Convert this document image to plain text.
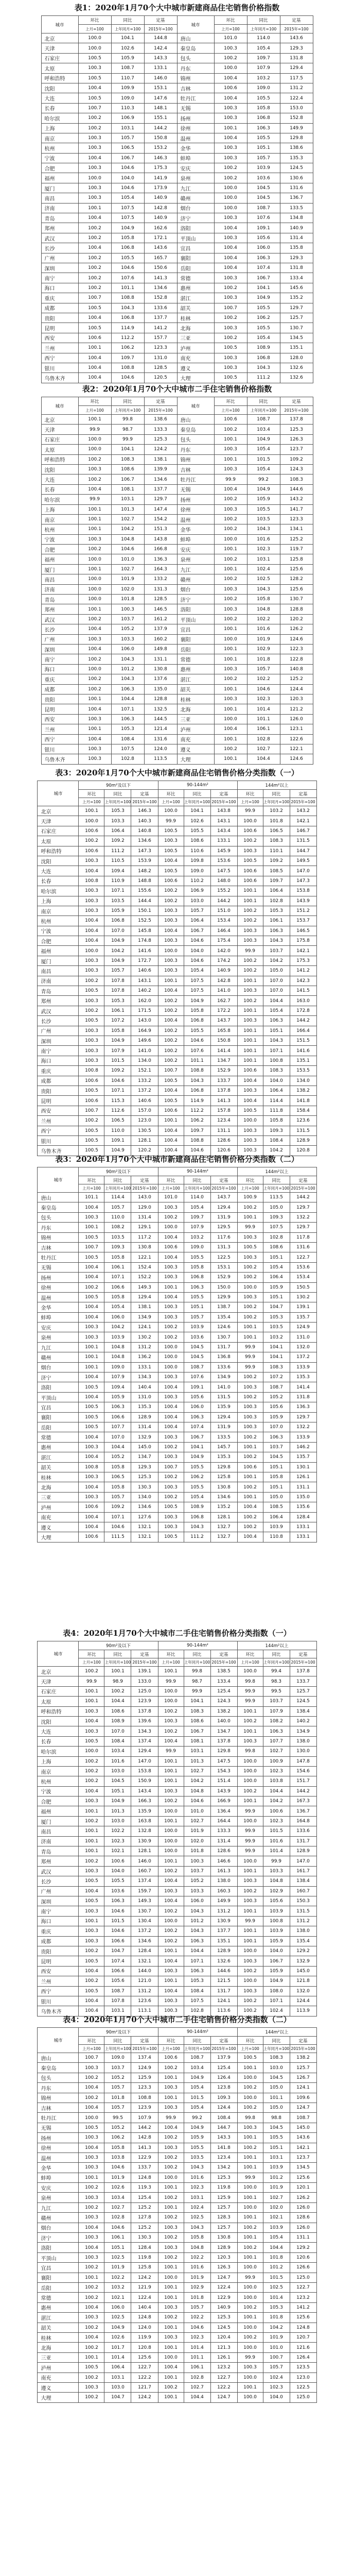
表1：2020年1月70个大中城市新建商品住宅销售价格指数
城市	环比	同比	定基	城市	环比	同比	定基
	上月=100	上年同月=100	2015年=100		上月=100	上年同月=100	2015年=100
北京	100.0	104.1	144.8	唐山	101.0	114.0	143.6
天津	100.0	102.6	142.4	秦皇岛	100.3	105.4	129.3
石家庄	100.5	105.9	143.3	包头	100.2	109.7	131.8
太原	100.3	108.7	133.1	丹东	100.0	107.9	129.4
呼和浩特	100.5	110.7	146.0	锦州	100.4	103.2	117.5
沈阳	100.4	109.9	153.1	吉林	100.6	109.0	131.2
大连	100.5	109.0	147.6	牡丹江	100.4	105.5	122.4
长春	100.7	110.3	148.1	无锡	100.3	105.8	153.0
哈尔滨	100.2	106.9	155.1	扬州	100.3	106.8	152.8
上海	100.2	103.1	144.2	徐州	100.1	106.3	149.9
南京	100.3	105.7	150.8	温州	100.4	105.5	129.8
杭州	100.3	106.5	153.2	金华	100.3	105.1	138.6
宁波	100.4	106.7	146.3	蚌埠	100.3	105.7	135.3
合肥	100.3	104.6	175.3	安庆	100.2	103.9	124.5
福州	100.0	104.0	141.9	泉州	100.2	103.6	130.6
厦门	100.3	104.6	173.9	九江	100.0	104.5	131.6
南昌	100.3	105.4	140.9	赣州	100.0	104.5	136.7
济南	100.1	107.5	142.8	烟台	100.0	108.7	133.5
青岛	100.4	107.5	140.9	济宁	100.3	107.6	134.8
郑州	100.2	104.9	162.6	洛阳	100.4	109.1	140.9
武汉	100.2	105.8	172.1	平顶山	100.3	105.6	131.4
长沙	100.4	106.8	143.6	宜昌	100.4	106.0	135.8
广州	100.2	105.5	165.7	襄阳	100.4	106.3	129.3
深圳	100.2	104.6	150.6	岳阳	100.4	107.4	131.8
南宁	100.2	107.6	141.3	常德	100.3	106.7	133.4
海口	100.2	101.1	134.6	惠州	100.2	104.1	145.6
重庆	100.7	108.8	152.8	湛江	100.3	104.9	135.2
成都	100.5	104.3	133.6	韶关	100.7	105.5	129.7
贵阳	100.4	106.8	137.7	桂林	100.2	106.2	125.7
昆明	100.5	114.9	141.2	北海	100.3	105.5	130.7
西安	100.6	112.2	157.7	三亚	100.2	105.4	134.5
兰州	100.1	106.2	123.3	泸州	100.5	108.9	135.1
西宁	100.4	109.7	131.0	南充	100.3	106.8	128.0
银川	100.4	108.8	128.5	遵义	100.3	104.3	132.6
乌鲁木齐	100.4	104.6	120.5	大理	100.5	111.2	132.6
表2：2020年1月70个大中城市二手住宅销售价格指数
城市	环比	同比	定基	城市	环比	同比	定基
	上月=100	上年同月=100	2015年=100		上月=100	上年同月=100	2015年=100
北京	100.1	99.8	138.6	唐山	100.6	108.7	137.8
天津	99.9	98.7	133.3	秦皇岛	100.2	103.4	125.3
石家庄	100.0	99.9	125.3	包头	100.1	104.9	126.3
太原	100.0	104.1	124.2	丹东	100.3	105.4	123.7
呼和浩特	100.2	108.3	138.1	锦州	100.1	101.5	109.2
沈阳	100.3	108.6	139.9	吉林	100.3	105.4	124.3
大连	100.2	106.7	134.6	牡丹江	99.9	99.2	108.3
长春	100.4	108.1	137.7	无锡	100.4	104.9	144.6
哈尔滨	99.9	103.1	129.7	扬州	100.2	105.9	143.2
上海	100.1	101.3	147.4	徐州	100.3	105.5	141.7
南京	100.1	102.7	154.2	温州	100.2	103.5	123.3
杭州	100.1	104.2	151.3	金华	100.2	104.3	134.1
宁波	100.3	104.8	143.8	蚌埠	100.0	101.6	125.2
合肥	100.2	104.6	166.8	安庆	100.1	102.3	119.7
福州	100.0	101.0	136.3	泉州	100.2	103.1	125.8
厦门	100.1	102.7	164.3	九江	100.1	102.4	125.6
南昌	100.0	101.9	133.2	赣州	100.2	102.5	128.2
济南	100.0	102.0	131.3	烟台	100.3	104.3	125.6
青岛	100.0	101.8	128.5	济宁	100.2	105.8	130.7
郑州	100.1	100.3	146.5	洛阳	100.3	104.8	128.8
武汉	100.2	103.7	161.2	平顶山	100.2	102.2	120.2
长沙	100.4	105.2	137.9	宜昌	100.1	101.6	126.2
广州	100.3	103.3	160.2	襄阳	100.0	101.9	124.6
深圳	100.4	106.0	149.8	岳阳	100.1	102.9	122.3
南宁	100.2	104.3	131.1	常德	100.1	101.8	122.8
海口	100.0	101.2	130.8	惠州	100.3	105.7	140.8
重庆	100.2	104.3	137.6	湛江	100.2	102.2	125.2
成都	100.2	106.3	135.0	韶关	100.1	104.6	124.4
贵阳	100.1	104.4	128.8	桂林	100.3	102.3	120.3
昆明	100.4	107.1	132.5	北海	100.1	101.4	121.2
西安	100.3	106.3	144.5	三亚	100.0	101.1	126.0
兰州	100.1	105.3	121.4	泸州	100.4	106.1	123.1
西宁	100.4	108.4	131.6	南充	100.1	102.8	122.6
银川	100.3	107.5	124.0	遵义	100.2	102.7	122.1
乌鲁木齐	100.3	102.8	113.5	大理	100.1	104.4	124.6
表3：2020年1月70个大中城市新建商品住宅销售价格分类指数（一）
城市	90m²及以下			90-144m²			144m²以上		
	环比	同比	定基	环比	同比	定基	环比	同比	定基
	上月=100	上年同月=100	2015年=100	上月=100	上年同月=100	2015年=100	上月=100	上年同月=100	2015年=100
北京	100.1	105.3	146.3	100.0	104.1	143.8	99.9	103.2	143.2
天津	100.0	103.3	140.3	99.9	102.6	143.1	100.0	101.8	142.1
石家庄	100.6	106.4	140.8	100.5	105.5	143.4	100.6	106.5	146.7
太原	100.2	109.2	134.6	100.3	108.6	133.1	100.2	108.3	131.5
呼和浩特	100.6	111.2	147.3	100.5	110.6	145.9	100.3	110.1	144.7
沈阳	100.3	110.5	153.9	100.4	109.8	153.6	100.5	109.2	149.5
大连	100.4	109.4	148.2	100.5	109.0	147.5	100.6	108.5	147.0
长春	100.8	110.9	148.8	100.6	110.2	148.0	100.6	109.7	147.3
哈尔滨	100.3	107.1	155.6	100.2	106.9	155.2	100.1	106.4	153.8
上海	100.3	103.5	144.4	100.2	103.0	144.2	100.1	102.8	143.9
南京	100.3	105.9	150.1	100.3	105.7	151.0	100.2	105.3	151.2
杭州	100.4	106.8	152.5	100.3	106.4	153.4	100.2	106.1	153.7
宁波	100.4	107.0	145.8	100.4	106.7	146.4	100.3	106.3	146.5
合肥	100.4	104.9	174.8	100.3	104.6	175.4	100.3	104.3	175.8
福州	100.0	104.2	141.6	100.0	104.0	142.0	99.9	103.7	142.1
厦门	100.3	104.9	172.7	100.3	104.6	174.2	100.2	104.2	175.3
南昌	100.3	105.7	140.6	100.3	105.4	140.9	100.2	105.0	141.2
济南	100.2	107.8	143.1	100.1	107.5	142.8	100.1	107.0	142.3
青岛	100.5	107.8	140.2	100.4	107.5	141.0	100.3	107.0	141.5
郑州	100.3	105.3	162.0	100.2	104.9	162.7	100.2	104.4	163.0
武汉	100.2	106.1	171.5	100.2	105.8	172.2	100.1	105.4	172.8
长沙	100.5	107.2	143.0	100.4	106.8	143.7	100.3	106.3	144.2
广州	100.3	105.8	164.9	100.2	105.5	165.8	100.1	105.1	166.4
深圳	100.3	104.9	149.6	100.2	104.6	150.8	100.1	104.3	151.5
南宁	100.3	107.9	141.0	100.2	107.6	141.4	100.1	107.1	141.6
海口	100.3	101.5	134.0	100.2	101.1	134.7	100.1	100.8	135.1
重庆	100.8	109.2	152.1	100.7	108.8	152.9	100.6	108.3	153.5
成都	100.6	104.6	133.2	100.5	104.3	133.7	100.4	104.0	134.0
贵阳	100.5	107.1	137.2	100.4	106.8	137.8	100.3	106.4	138.2
昆明	100.6	115.3	140.6	100.5	114.9	141.3	100.4	114.4	141.8
西安	100.7	112.6	157.0	100.6	112.2	157.8	100.5	111.8	158.4
兰州	100.2	106.5	123.0	100.1	106.2	123.4	100.0	105.8	123.6
西宁	100.5	110.0	130.5	100.4	109.7	131.1	100.3	109.3	131.5
银川	100.5	109.1	128.1	100.4	108.8	128.6	100.3	108.4	128.9
乌鲁木齐	100.5	104.9	120.2	100.4	104.6	120.6	100.3	104.2	120.8
表3：2020年1月70个大中城市新建商品住宅销售价格分类指数（二）
城市	90m²及以下			90-144m²			144m²以上		
	环比	同比	定基	环比	同比	定基	环比	同比	定基
	上月=100	上年同月=100	2015年=100	上月=100	上年同月=100	2015年=100	上月=100	上年同月=100	2015年=100
唐山	101.1	114.4	143.0	101.0	114.0	143.7	100.9	113.5	144.2
秦皇岛	100.4	105.7	129.0	100.3	105.4	129.4	100.2	105.0	129.7
包头	100.3	110.0	131.4	100.2	109.7	131.9	100.1	109.3	132.2
丹东	100.1	108.2	129.1	100.0	107.9	129.5	99.9	107.5	129.7
锦州	100.5	103.5	117.2	100.4	103.2	117.6	100.3	102.8	117.8
吉林	100.7	109.3	130.8	100.6	109.0	131.3	100.5	108.6	131.6
牡丹江	100.5	105.8	122.1	100.4	105.5	122.5	100.3	105.1	122.7
无锡	100.4	106.1	152.4	100.3	105.8	153.1	100.2	105.4	153.6
扬州	100.4	107.1	152.2	100.3	106.8	152.9	100.2	106.4	153.4
徐州	100.2	106.6	149.3	100.1	106.3	150.0	100.0	105.9	150.5
温州	100.5	105.8	129.4	100.4	105.5	129.9	100.3	105.1	130.2
金华	100.4	105.4	138.1	100.3	105.1	138.7	100.2	104.7	139.1
蚌埠	100.4	106.0	134.9	100.3	105.7	135.4	100.2	105.3	135.7
安庆	100.3	104.2	124.1	100.2	103.9	124.6	100.1	103.5	124.9
泉州	100.3	103.9	130.2	100.2	103.6	130.7	100.1	103.2	131.0
九江	100.1	104.8	131.2	100.0	104.5	131.7	99.9	104.1	132.0
赣州	100.1	104.8	136.2	100.0	104.5	136.8	99.9	104.1	137.2
烟台	100.1	109.0	133.1	100.0	108.7	133.6	99.9	108.3	133.9
济宁	100.4	107.9	134.3	100.3	107.6	134.9	100.2	107.2	135.3
洛阳	100.5	109.4	140.4	100.4	109.1	141.0	100.3	108.7	141.4
平顶山	100.4	105.9	131.0	100.3	105.6	131.5	100.2	105.2	131.8
宜昌	100.5	106.3	135.3	100.4	106.0	135.9	100.3	105.6	136.3
襄阳	100.5	106.6	128.9	100.4	106.3	129.4	100.3	105.9	129.7
岳阳	100.5	107.7	131.4	100.4	107.4	131.9	100.3	107.0	132.2
常德	100.4	107.0	132.9	100.3	106.7	133.5	100.2	106.3	133.9
惠州	100.3	104.4	145.0	100.2	104.1	145.7	100.1	103.7	146.2
湛江	100.4	105.2	134.7	100.3	104.9	135.3	100.2	104.5	135.7
韶关	100.8	105.8	129.3	100.7	105.5	129.8	100.6	105.1	130.1
桂林	100.3	106.5	125.3	100.2	106.2	125.8	100.1	105.8	126.1
北海	100.4	105.8	130.3	100.3	105.5	130.8	100.2	105.1	131.1
三亚	100.3	105.7	134.0	100.2	105.4	134.6	100.1	105.0	135.0
泸州	100.6	109.2	134.6	100.5	108.9	135.2	100.4	108.5	135.6
南充	100.4	107.1	127.6	100.3	106.8	128.1	100.2	106.4	128.4
遵义	100.4	104.6	132.1	100.3	104.3	132.7	100.2	103.9	133.1
大理	100.6	111.5	132.1	100.5	111.2	132.7	100.4	110.8	133.1
表4：2020年1月70个大中城市二手住宅销售价格分类指数（一）
城市	90m²及以下			90-144m²			144m²以上		
	环比	同比	定基	环比	同比	定基	环比	同比	定基
	上月=100	上年同月=100	2015年=100	上月=100	上年同月=100	2015年=100	上月=100	上年同月=100	2015年=100
北京	100.2	100.1	139.1	100.1	99.8	138.5	100.0	99.4	137.8
天津	99.9	98.9	133.0	99.9	98.7	133.4	99.8	98.3	133.7
石家庄	100.1	100.2	125.0	100.0	99.9	125.4	99.9	99.5	125.7
太原	100.1	104.4	123.9	100.0	104.1	124.3	99.9	103.7	124.5
呼和浩特	100.3	108.6	137.8	100.2	108.3	138.2	100.1	107.9	138.4
沈阳	100.4	108.9	139.6	100.3	108.6	140.0	100.2	108.2	140.2
大连	100.3	107.0	134.3	100.2	106.7	134.7	100.1	106.3	134.9
长春	100.5	108.4	137.4	100.4	108.1	137.8	100.3	107.7	138.0
哈尔滨	100.0	103.4	129.4	99.9	103.1	129.8	99.8	102.7	130.0
上海	100.2	101.6	147.0	100.1	101.3	147.5	100.0	100.9	147.8
南京	100.2	103.0	153.8	100.1	102.7	154.3	100.0	102.3	154.6
杭州	100.2	104.5	150.9	100.1	104.2	151.4	100.0	103.8	151.7
宁波	100.4	105.1	143.4	100.3	104.8	143.9	100.2	104.4	144.2
合肥	100.3	104.9	166.3	100.2	104.6	166.9	100.1	104.2	167.3
福州	100.1	101.3	135.9	100.0	101.0	136.4	99.9	100.6	136.7
厦门	100.2	103.0	163.8	100.1	102.7	164.4	100.0	102.3	164.8
南昌	100.1	102.2	132.8	100.0	101.9	133.3	99.9	101.5	133.6
济南	100.1	102.3	130.9	100.0	102.0	131.4	99.9	101.6	131.7
青岛	100.1	102.1	128.1	100.0	101.8	128.6	99.9	101.4	128.9
郑州	100.2	100.6	146.0	100.1	100.3	146.6	100.0	99.9	147.0
武汉	100.3	104.0	160.7	100.2	103.7	161.3	100.1	103.3	161.7
长沙	100.5	105.5	137.4	100.4	105.2	138.0	100.3	104.8	138.4
广州	100.4	103.6	159.7	100.3	103.3	160.3	100.2	102.9	160.7
深圳	100.5	106.3	149.3	100.4	106.0	149.9	100.3	105.6	150.3
南宁	100.3	104.6	130.7	100.2	104.3	131.2	100.1	103.9	131.5
海口	100.1	101.5	130.4	100.0	101.2	130.9	99.9	100.8	131.2
重庆	100.3	104.6	137.2	100.2	104.3	137.7	100.1	103.9	138.0
成都	100.3	106.6	134.6	100.2	106.3	135.1	100.1	105.9	135.4
贵阳	100.2	104.7	128.4	100.1	104.4	128.9	100.0	104.0	129.2
昆明	100.5	107.4	132.1	100.4	107.1	132.6	100.3	106.7	132.9
西安	100.4	106.6	144.0	100.3	106.3	144.6	100.2	105.9	145.0
兰州	100.2	105.6	121.0	100.1	105.3	121.5	100.0	104.9	121.8
西宁	100.5	108.7	131.2	100.4	108.4	131.7	100.3	108.0	132.0
银川	100.4	107.8	123.6	100.3	107.5	124.1	100.2	107.1	124.4
乌鲁木齐	100.4	103.1	113.1	100.3	102.8	113.6	100.2	102.4	113.9
表4：2020年1月70个大中城市二手住宅销售价格分类指数（二）
城市	90m²及以下			90-144m²			144m²以上		
	环比	同比	定基	环比	同比	定基	环比	同比	定基
	上月=100	上年同月=100	2015年=100	上月=100	上年同月=100	2015年=100	上月=100	上年同月=100	2015年=100
唐山	100.7	109.0	137.4	100.6	108.7	137.9	100.5	108.3	138.2
秦皇岛	100.3	103.7	124.9	100.2	103.4	125.4	100.1	103.0	125.7
包头	100.2	105.2	125.9	100.1	104.9	126.4	100.0	104.5	126.7
丹东	100.4	105.7	123.3	100.3	105.4	123.8	100.2	105.0	124.1
锦州	100.2	101.8	108.8	100.1	101.5	109.3	100.0	101.1	109.6
吉林	100.4	105.7	123.9	100.3	105.4	124.4	100.2	105.0	124.7
牡丹江	100.0	99.5	107.9	99.9	99.2	108.4	99.8	98.8	108.7
无锡	100.5	105.2	144.2	100.4	104.9	144.7	100.3	104.5	145.0
扬州	100.3	106.2	142.8	100.2	105.9	143.3	100.1	105.5	143.6
徐州	100.4	105.8	141.3	100.3	105.5	141.8	100.2	105.1	142.1
温州	100.3	103.8	122.9	100.2	103.5	123.4	100.1	103.1	123.7
金华	100.3	104.6	133.7	100.2	104.3	134.2	100.1	103.9	134.5
蚌埠	100.1	101.9	124.8	100.0	101.6	125.3	99.9	101.2	125.6
安庆	100.2	102.6	119.3	100.1	102.3	119.8	100.0	101.9	120.1
泉州	100.3	103.4	125.4	100.2	103.1	125.9	100.1	102.7	126.2
九江	100.2	102.7	125.2	100.1	102.4	125.7	100.0	102.0	126.0
赣州	100.3	102.8	127.8	100.2	102.5	128.3	100.1	102.1	128.6
烟台	100.4	104.6	125.2	100.3	104.3	125.7	100.2	103.9	126.0
济宁	100.3	106.1	130.3	100.2	105.8	130.8	100.1	105.4	131.1
洛阳	100.4	105.1	128.4	100.3	104.8	128.9	100.2	104.4	129.2
平顶山	100.3	102.5	119.8	100.2	102.2	120.3	100.1	101.8	120.6
宜昌	100.2	101.9	125.8	100.1	101.6	126.3	100.0	101.2	126.6
襄阳	100.1	102.2	124.2	100.0	101.9	124.7	99.9	101.5	125.0
岳阳	100.2	103.2	121.9	100.1	102.9	122.4	100.0	102.5	122.7
常德	100.2	102.1	122.4	100.1	101.8	122.9	100.0	101.4	123.2
惠州	100.4	106.0	140.4	100.3	105.7	140.9	100.2	105.3	141.2
湛江	100.3	102.5	124.8	100.2	102.2	125.3	100.1	101.8	125.6
韶关	100.2	104.9	124.0	100.1	104.6	124.5	100.0	104.2	124.8
桂林	100.4	102.6	119.9	100.3	102.3	120.4	100.2	101.9	120.7
北海	100.2	101.7	120.8	100.1	101.4	121.3	100.0	101.0	121.6
三亚	100.1	101.4	125.6	100.0	101.1	126.1	99.9	100.7	126.4
泸州	100.5	106.4	122.7	100.4	106.1	123.2	100.3	105.7	123.5
南充	100.2	103.1	122.2	100.1	102.8	122.7	100.0	102.4	123.0
遵义	100.3	103.0	121.7	100.2	102.7	122.2	100.1	102.3	122.5
大理	100.2	104.7	124.2	100.1	104.4	124.7	100.0	104.0	125.0
